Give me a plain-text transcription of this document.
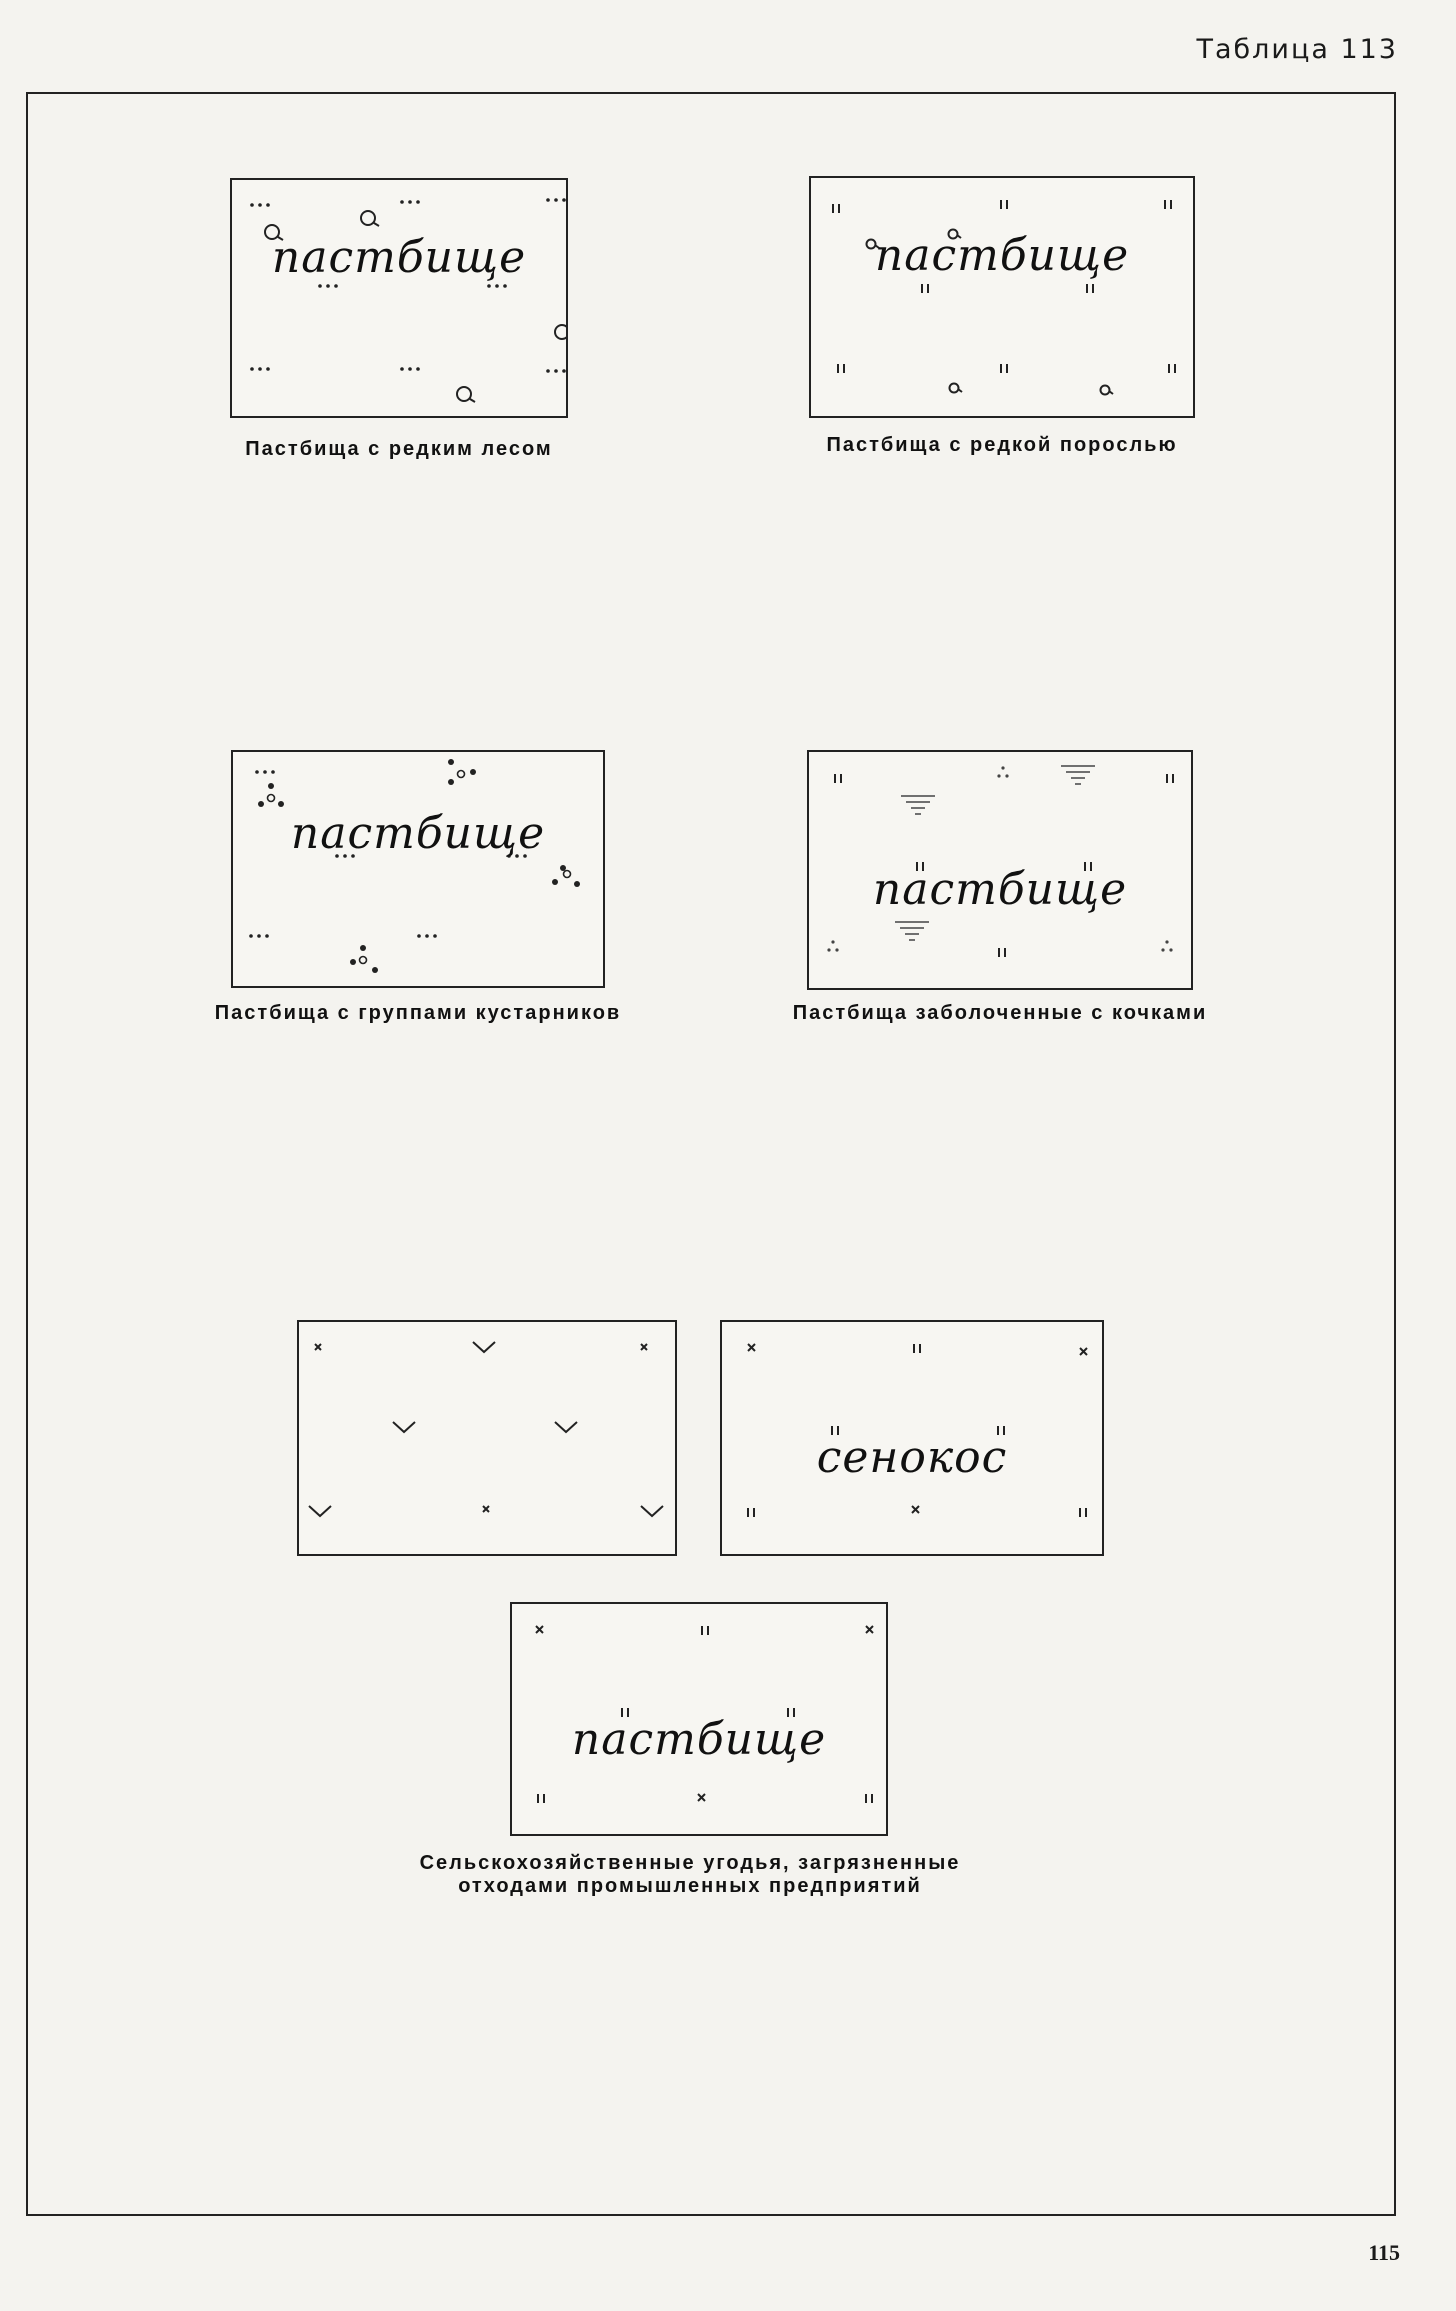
Таблица 113
пастбище
Пастбища с редким лесом
пастбище
Пастбища с редкой порослью
пастбище
Пастбища с группами кустарников
пастбище
Пастбища заболоченные с кочками
сенокос
пастбище
Сельскохозяйственные угодья, загрязненные
отходами промышленных предприятий
115
